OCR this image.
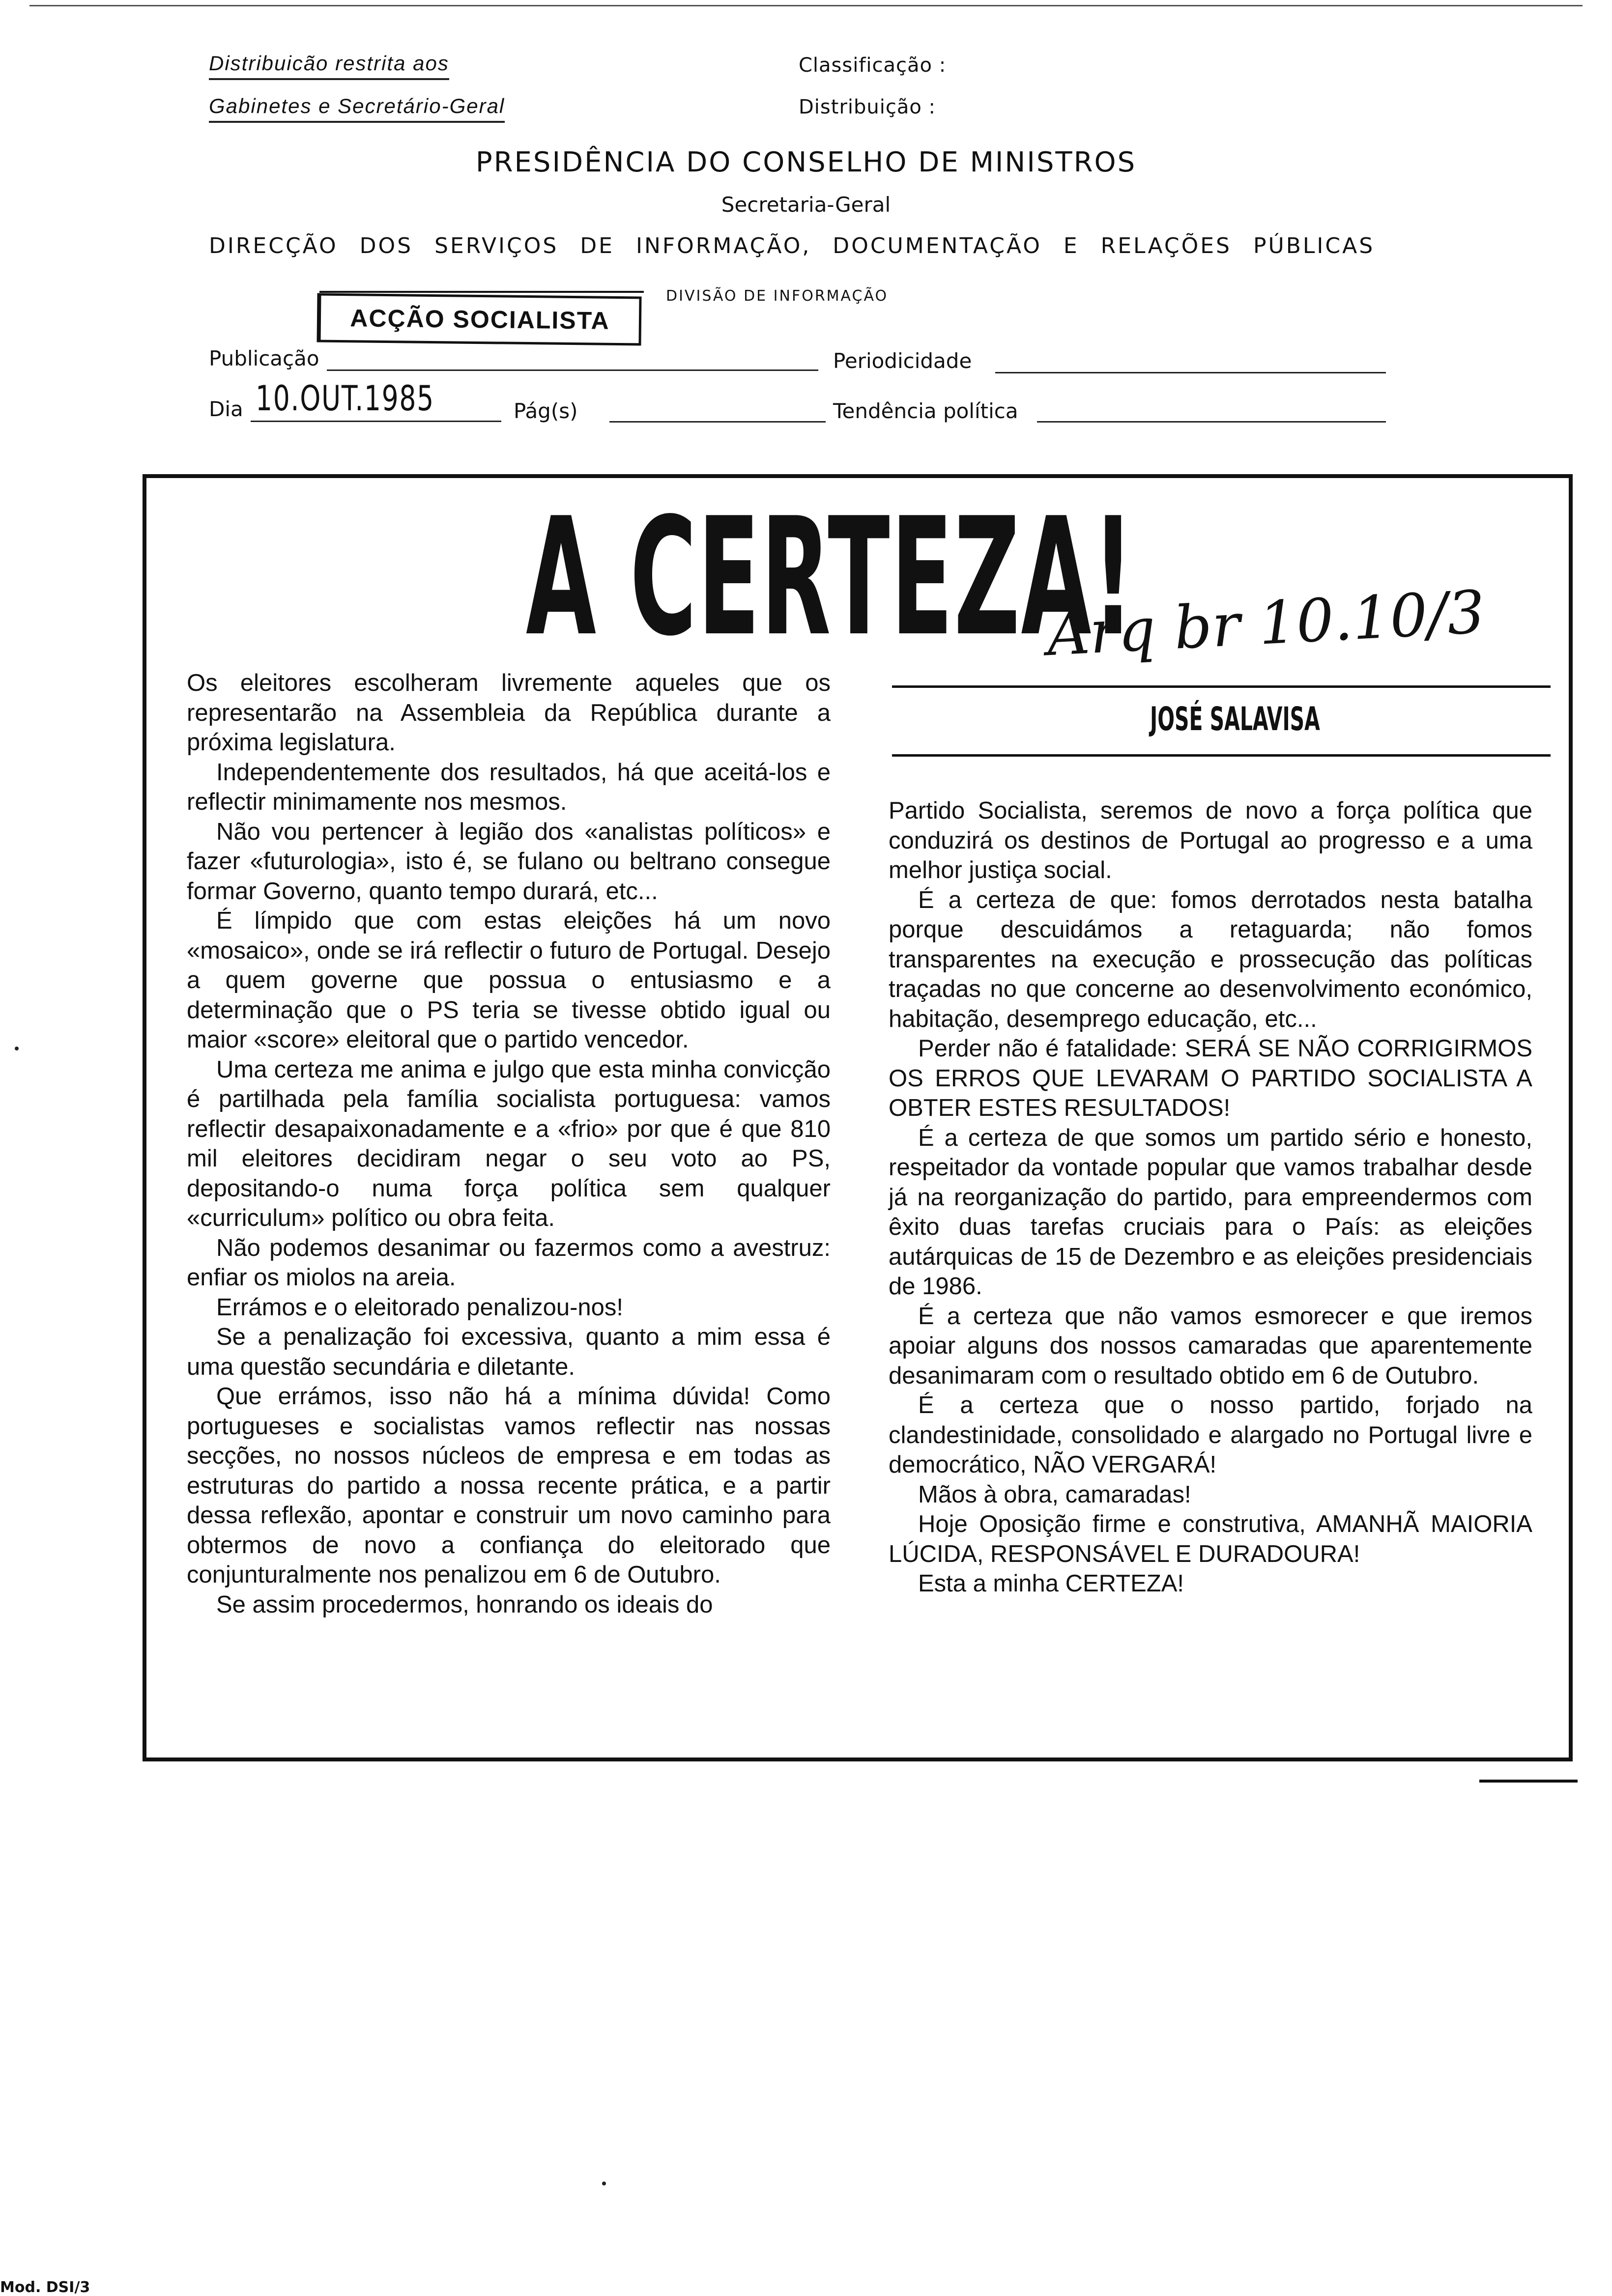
Distribuicão restrita aos
Gabinetes e Secretário-Geral
Classificação :
Distribuição :
PRESIDÊNCIA DO CONSELHO DE MINISTROS
Secretaria-Geral
DIRECÇÃO DOS SERVIÇOS DE INFORMAÇÃO, DOCUMENTAÇÃO E RELAÇÕES PÚBLICAS
DIVISÃO DE INFORMAÇÃO
ACÇÃO SOCIALISTA
Publicação	Periodicidade
Dia 10.OUT.1985	Pág(s)	Tendência política
A CERTEZA!
Arq br 10.10/3
JOSÉ SALAVISA

Os eleitores escolheram livremente aqueles que os representarão na Assembleia da República durante a próxima legislatura.

Independentemente dos resultados, há que aceitá-los e reflectir minimamente nos mesmos.

Não vou pertencer à legião dos «analistas políticos» e fazer «futurologia», isto é, se fulano ou beltrano consegue formar Governo, quanto tempo durará, etc...

É límpido que com estas eleições há um novo «mosaico», onde se irá reflectir o futuro de Portugal. Desejo a quem governe que possua o entusiasmo e a determinação que o PS teria se tivesse obtido igual ou maior «score» eleitoral que o partido vencedor.

Uma certeza me anima e julgo que esta minha convicção é partilhada pela família socialista portuguesa: vamos reflectir desapaixonadamente e a «frio» por que é que 810 mil eleitores decidiram negar o seu voto ao PS, depositando-o numa força política sem qualquer «curriculum» político ou obra feita.

Não podemos desanimar ou fazermos como a avestruz: enfiar os miolos na areia.

Errámos e o eleitorado penalizou-nos!

Se a penalização foi excessiva, quanto a mim essa é uma questão secundária e diletante.

Que errámos, isso não há a mínima dúvida! Como portugueses e socialistas vamos reflectir nas nossas secções, no nossos núcleos de empresa e em todas as estruturas do partido a nossa recente prática, e a partir dessa reflexão, apontar e construir um novo caminho para obtermos de novo a confiança do eleitorado que conjunturalmente nos penalizou em 6 de Outubro.

Se assim procedermos, honrando os ideais do

Partido Socialista, seremos de novo a força política que conduzirá os destinos de Portugal ao progresso e a uma melhor justiça social.

É a certeza de que: fomos derrotados nesta batalha porque descuidámos a retaguarda; não fomos transparentes na execução e prossecução das políticas traçadas no que concerne ao desenvolvimento económico, habitação, desemprego educação, etc...

Perder não é fatalidade: SERÁ SE NÃO CORRIGIRMOS OS ERROS QUE LEVARAM O PARTIDO SOCIALISTA A OBTER ESTES RESULTADOS!

É a certeza de que somos um partido sério e honesto, respeitador da vontade popular que vamos trabalhar desde já na reorganização do partido, para empreendermos com êxito duas tarefas cruciais para o País: as eleições autárquicas de 15 de Dezembro e as eleições presidenciais de 1986.

É a certeza que não vamos esmorecer e que iremos apoiar alguns dos nossos camaradas que aparentemente desanimaram com o resultado obtido em 6 de Outubro.

É a certeza que o nosso partido, forjado na clandestinidade, consolidado e alargado no Portugal livre e democrático, NÃO VERGARÁ!

Mãos à obra, camaradas!

Hoje Oposição firme e construtiva, AMANHÃ MAIORIA LÚCIDA, RESPONSÁVEL E DURADOURA!

Esta a minha CERTEZA!

Mod. DSI/3
